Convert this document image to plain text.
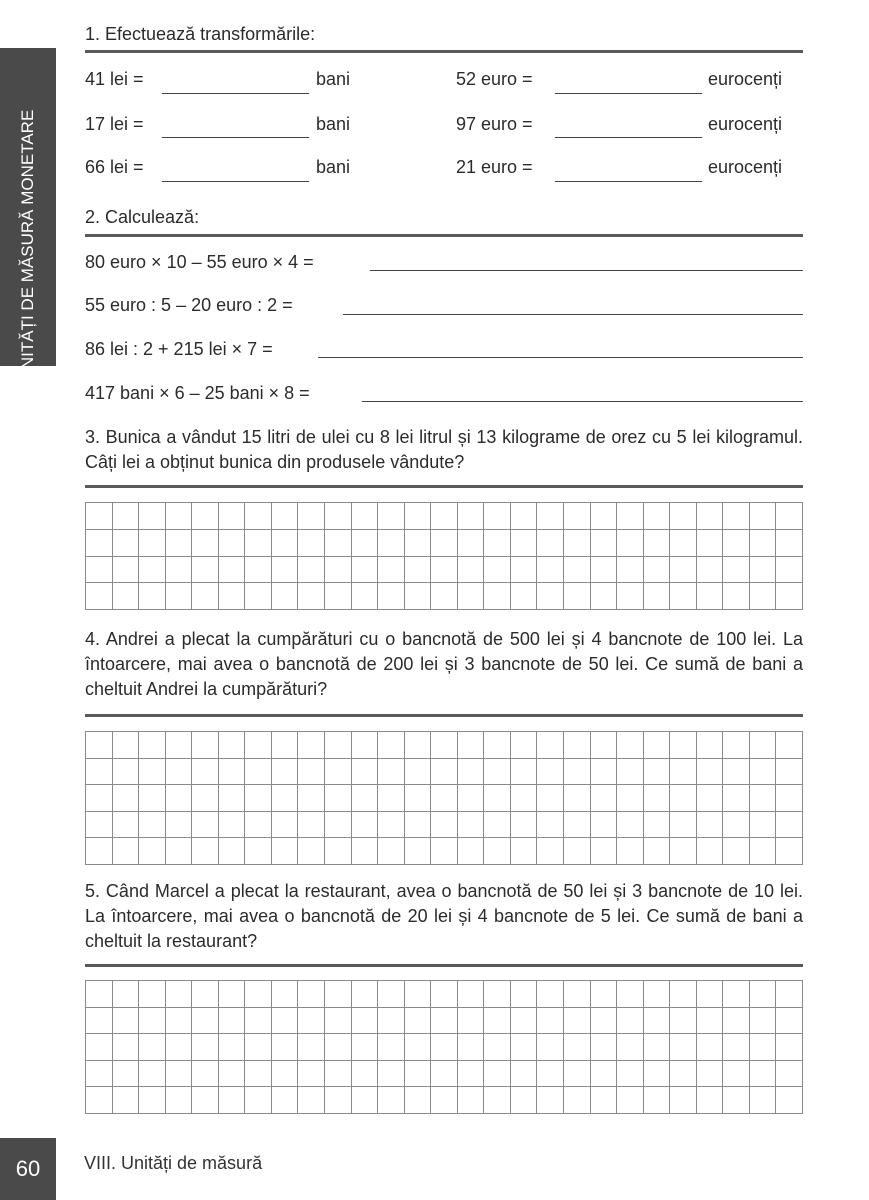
5. UNITĂȚI DE MĂSURĂ MONETARE
1. Efectuează transformările:
41 lei =	bani	52 euro =	eurocenți
17 lei =	bani	97 euro =	eurocenți
66 lei =	bani	21 euro =	eurocenți
2. Calculează:
80 euro × 10 – 55 euro × 4 =
55 euro : 5 – 20 euro : 2 =
86 lei : 2 + 215 lei × 7 =
417 bani × 6 – 25 bani × 8 =
3. Bunica a vândut 15 litri de ulei cu 8 lei litrul și 13 kilograme de orez cu 5 lei kilogramul. Câți lei a obținut bunica din produsele vândute?
4. Andrei a plecat la cumpărături cu o bancnotă de 500 lei și 4 bancnote de 100 lei. La întoarcere, mai avea o bancnotă de 200 lei și 3 bancnote de 50 lei. Ce sumă de bani a cheltuit Andrei la cumpărături?
5. Când Marcel a plecat la restaurant, avea o bancnotă de 50 lei și 3 bancnote de 10 lei. La întoarcere, mai avea o bancnotă de 20 lei și 4 bancnote de 5 lei. Ce sumă de bani a cheltuit la restaurant?
60	VIII. Unități de măsură
